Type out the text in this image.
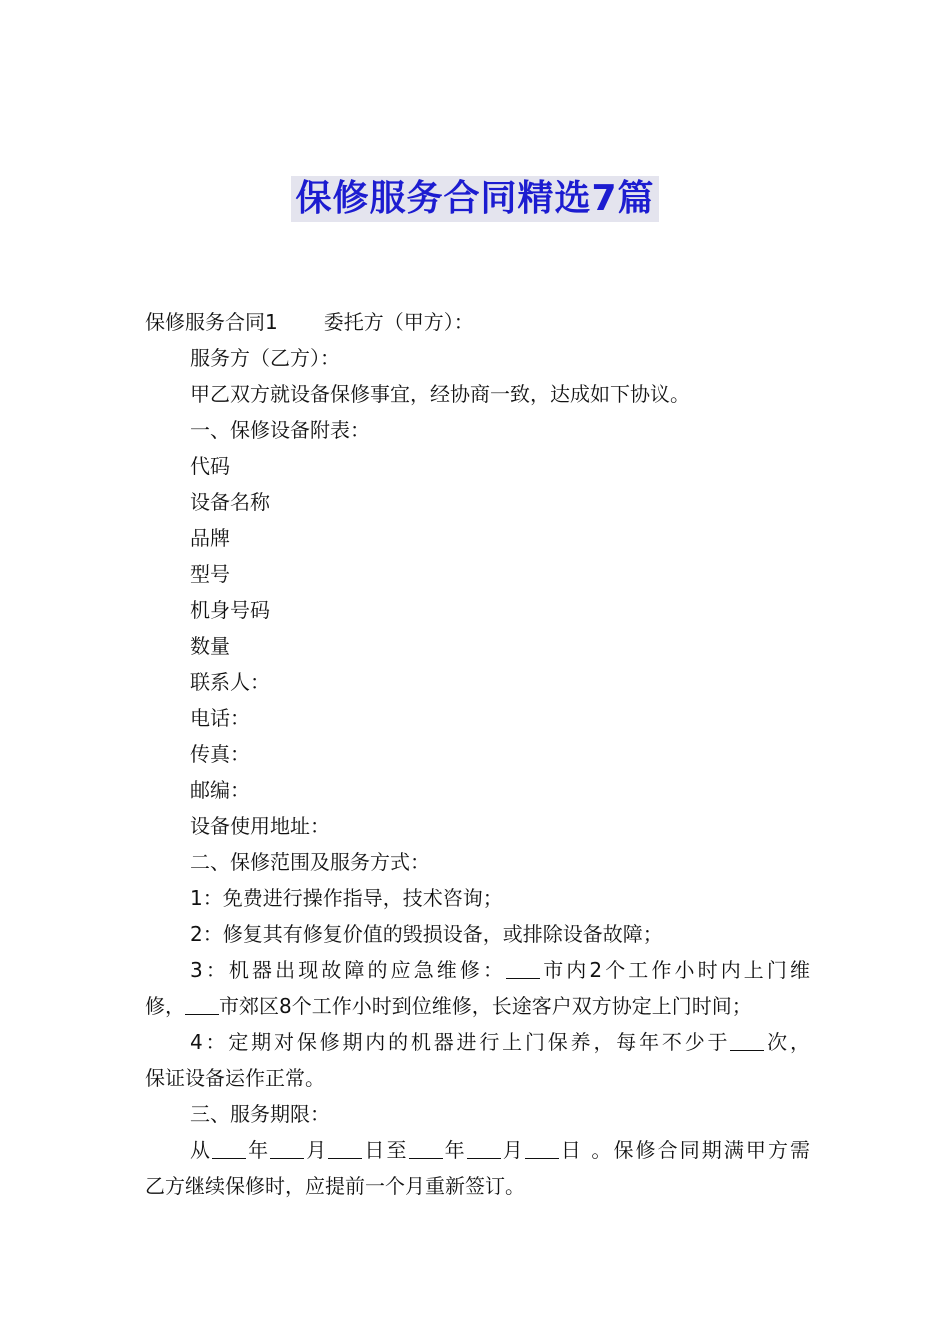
保修服务合同精选7篇
保修服务合同1 委托方（甲方）：
服务方（乙方）：
甲乙双方就设备保修事宜，经协商一致，达成如下协议。
一、保修设备附表：
代码
设备名称
品牌
型号
机身号码
数量
联系人：
电话：
传真：
邮编：
设备使用地址：
二、保修范围及服务方式：
1：免费进行操作指导，技术咨询；
2：修复其有修复价值的毁损设备，或排除设备故障；
3：机器出现故障的应急维修： 市内2个工作小时内上门维
修， 市郊区8个工作小时到位维修，长途客户双方协定上门时间；
4：定期对保修期内的机器进行上门保养，每年不少于 次，
保证设备运作正常。
三、服务期限：
从 年 月 日至 年 月 日 。保修合同期满甲方需
乙方继续保修时，应提前一个月重新签订。
